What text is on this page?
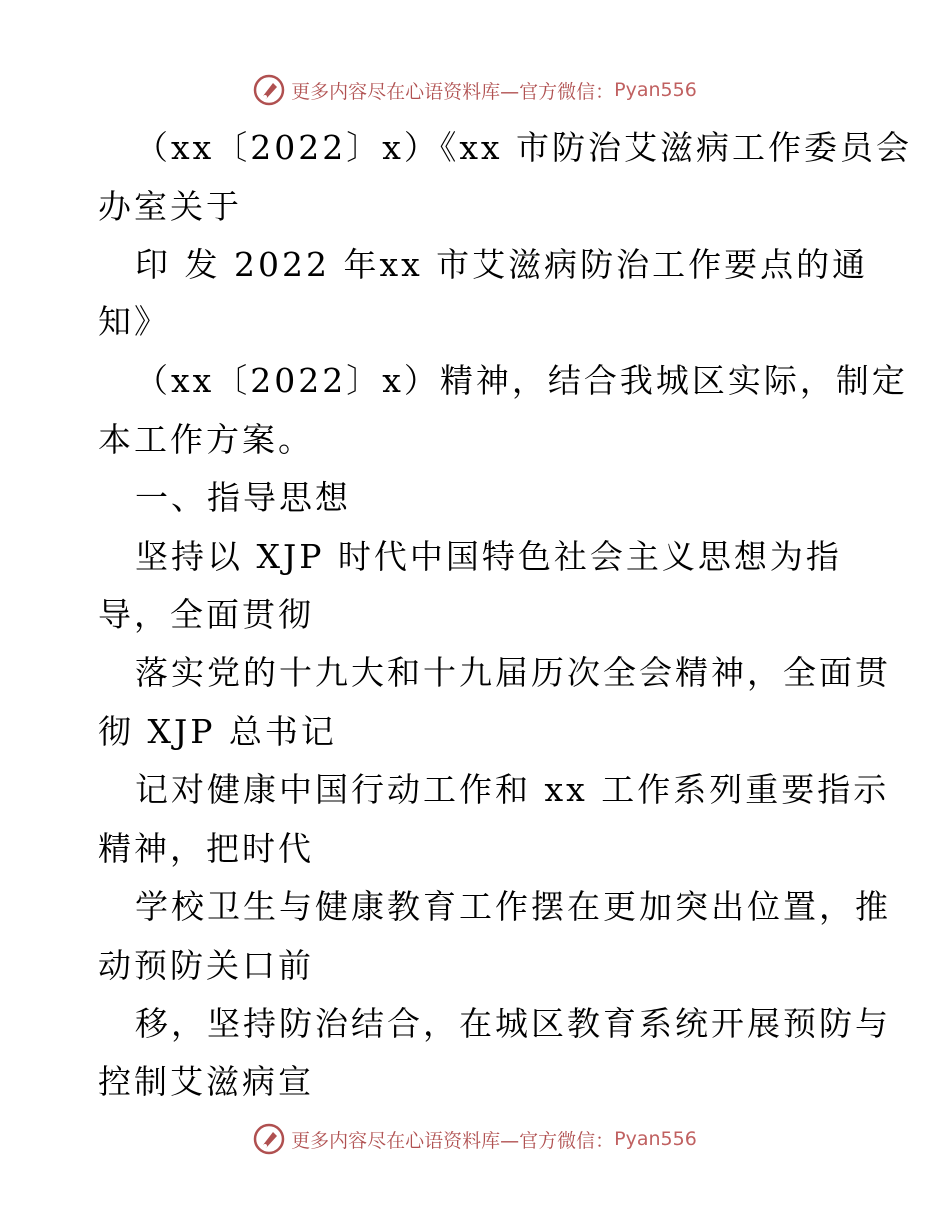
更多内容尽在心语资料库—官方微信： Pyan556
（xx〔2022〕x）《xx 市防治艾滋病工作委员会
办室关于
印 发 2022 年xx 市艾滋病防治工作要点的通
知》
（xx〔2022〕x）精神，结合我城区实际，制定
本工作方案。
一、指导思想
坚持以 XJP 时代中国特色社会主义思想为指
导，全面贯彻
落实党的十九大和十九届历次全会精神，全面贯
彻 XJP 总书记
记对健康中国行动工作和 xx 工作系列重要指示
精神，把时代
学校卫生与健康教育工作摆在更加突出位置，推
动预防关口前
移，坚持防治结合，在城区教育系统开展预防与
控制艾滋病宣
更多内容尽在心语资料库—官方微信： Pyan556
